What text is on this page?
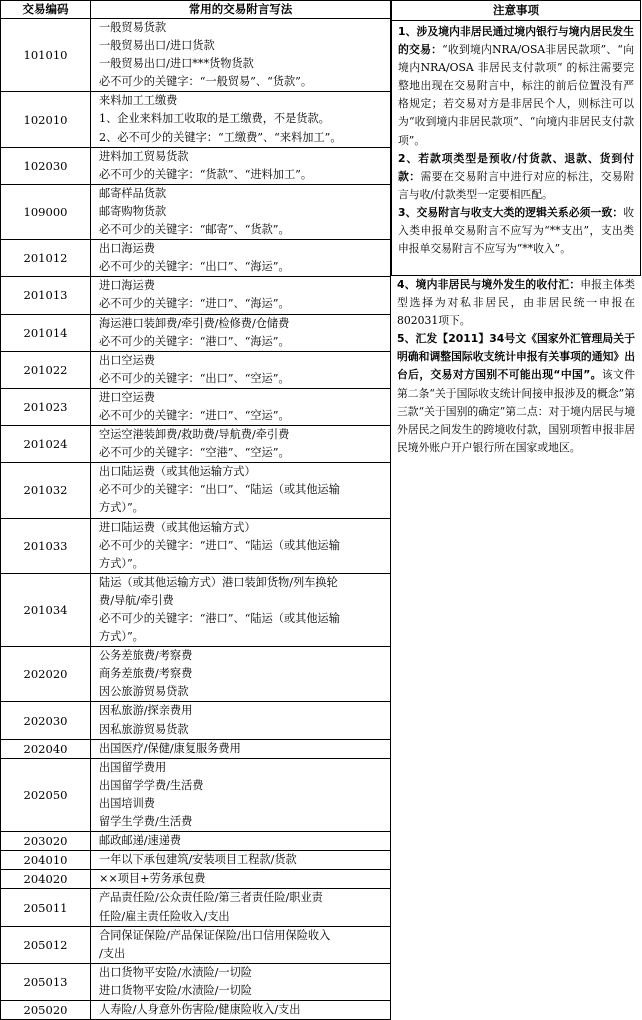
交易编码	常用的交易附言写法
101010	一般贸易货款
一般贸易出口/进口货款
一般贸易出口/进口***货物货款
必不可少的关键字：“一般贸易”、“货款”。

102010	来料加工工缴费
1、企业来料加工收取的是工缴费，不是货款。
2、必不可少的关键字：“工缴费”、“来料加工”。

102030	进料加工贸易货款
必不可少的关键字：“货款”、“进料加工”。

109000	邮寄样品货款
邮寄购物货款
必不可少的关键字：“邮寄”、“货款”。

201012	出口海运费
必不可少的关键字：“出口”、“海运”。

201013	进口海运费
必不可少的关键字：“进口”、“海运”。

201014	海运港口装卸费/牵引费/检修费/仓储费
必不可少的关键字：“港口”、“海运”。

201022	出口空运费
必不可少的关键字：“出口”、“空运”。

201023	进口空运费
必不可少的关键字：“进口”、“空运”。

201024	空运空港装卸费/救助费/导航费/牵引费
必不可少的关键字：“空港”、“空运”。

201032	出口陆运费（或其他运输方式）
必不可少的关键字：“出口”、“陆运（或其他运输
方式）”。

201033	进口陆运费（或其他运输方式）
必不可少的关键字：“进口”、“陆运（或其他运输
方式）”。

201034	陆运（或其他运输方式）港口装卸货物/列车换轮
费/导航/牵引费
必不可少的关键字：“港口”、“陆运（或其他运输
方式）”。

202020	公务差旅费/考察费
商务差旅费/考察费
因公旅游贸易贷款

202030	因私旅游/探亲费用
因私旅游贸易货款

202040	出国医疗/保健/康复服务费用

202050	出国留学费用
出国留学学费/生活费
出国培训费
留学生学费/生活费

203020	邮政邮递/速递费

204010	一年以下承包建筑/安装项目工程款/货款

204020	××项目+劳务承包费

205011	产品责任险/公众责任险/第三者责任险/职业责
任险/雇主责任险收入/支出

205012	合同保证保险/产品保证保险/出口信用保险收入
/支出

205013	出口货物平安险/水渍险/一切险
进口货物平安险/水渍险/一切险

205020	人寿险/人身意外伤害险/健康险收入/支出
注意事项
1、涉及境内非居民通过境内银行与境内居民发生的交易：“收到境内NRA/OSA非居民款项”、“向境内NRA/OSA 非居民支付款项” 的标注需要完整地出现在交易附言中，标注的前后位置没有严格规定；若交易对方是非居民个人，则标注可以为“收到境内非居民款项”、“向境内非居民支付款项”。
2、若款项类型是预收/付货款、退款、货到付款：需要在交易附言中进行对应的标注，交易附言与收/付款类型一定要相匹配。
3、交易附言与收支大类的逻辑关系必须一致：收入类申报单交易附言不应写为“**支出”，支出类申报单交易附言不应写为“**收入”。
4、境内非居民与境外发生的收付汇：申报主体类型选择为对私非居民，由非居民统一申报在802031项下。
5、汇发【2011】34号文《国家外汇管理局关于明确和调整国际收支统计申报有关事项的通知》出台后，交易对方国别不可能出现“中国”。该文件第二条“关于国际收支统计间接申报涉及的概念”第三款“关于国别的确定”第二点：对于境内居民与境外居民之间发生的跨境收付款，国别项暂申报非居民境外账户开户银行所在国家或地区。
